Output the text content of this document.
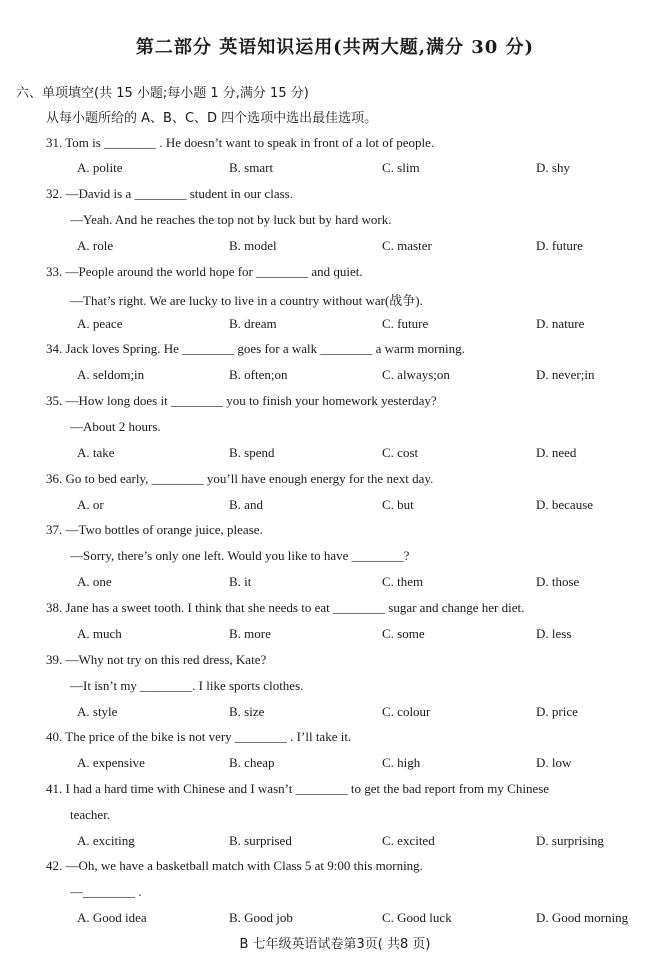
第二部分 英语知识运用(共两大题,满分 30 分)
六、单项填空(共 15 小题;每小题 1 分,满分 15 分)
从每小题所给的 A、B、C、D 四个选项中选出最佳选项。
31. Tom is ________ . He doesn’t want to speak in front of a lot of people.
A. polite	B. smart	C. slim	D. shy
32. —David is a ________ student in our class.
—Yeah. And he reaches the top not by luck but by hard work.
A. role	B. model	C. master	D. future
33. —People around the world hope for ________ and quiet.
—That’s right. We are lucky to live in a country without war(战争).
A. peace	B. dream	C. future	D. nature
34. Jack loves Spring. He ________ goes for a walk ________ a warm morning.
A. seldom;in	B. often;on	C. always;on	D. never;in
35. —How long does it ________ you to finish your homework yesterday?
—About 2 hours.
A. take	B. spend	C. cost	D. need
36. Go to bed early, ________ you’ll have enough energy for the next day.
A. or	B. and	C. but	D. because
37. —Two bottles of orange juice, please.
—Sorry, there’s only one left. Would you like to have ________?
A. one	B. it	C. them	D. those
38. Jane has a sweet tooth. I think that she needs to eat ________ sugar and change her diet.
A. much	B. more	C. some	D. less
39. —Why not try on this red dress, Kate?
—It isn’t my ________. I like sports clothes.
A. style	B. size	C. colour	D. price
40. The price of the bike is not very ________ . I’ll take it.
A. expensive	B. cheap	C. high	D. low
41. I had a hard time with Chinese and I wasn’t ________ to get the bad report from my Chinese
teacher.
A. exciting	B. surprised	C. excited	D. surprising
42. —Oh, we have a basketball match with Class 5 at 9:00 this morning.
—________ .
A. Good idea	B. Good job	C. Good luck	D. Good morning
B 七年级英语试卷第3页( 共8 页)
